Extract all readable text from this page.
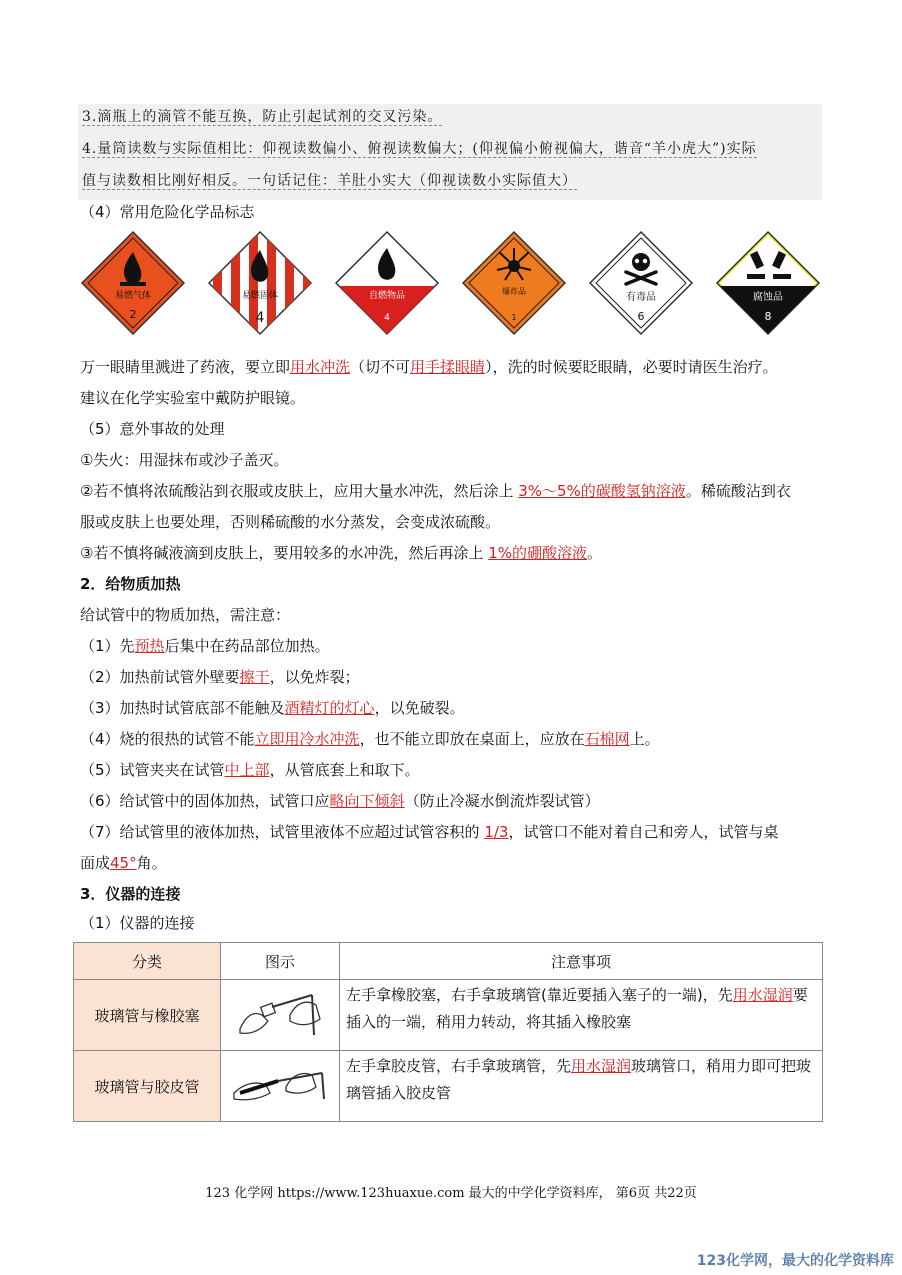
3.滴瓶上的滴管不能互换，防止引起试剂的交叉污染。
4.量筒读数与实际值相比：仰视读数偏小、俯视读数偏大；(仰视偏小俯视偏大，谐音“羊小虎大”)实际
值与读数相比刚好相反。一句话记住：羊肚小实大（仰视读数小实际值大）
（4）常用危险化学品标志
易燃气体
2
易燃固体
4
自燃物品
4
爆炸品
1
有毒品
6
腐蚀品
8
万一眼睛里溅进了药液，要立即用水冲洗（切不可用手揉眼睛），洗的时候要眨眼睛，必要时请医生治疗。
建议在化学实验室中戴防护眼镜。
（5）意外事故的处理
①失火：用湿抹布或沙子盖灭。
②若不慎将浓硫酸沾到衣服或皮肤上，应用大量水冲洗，然后涂上 3%～5%的碳酸氢钠溶液。稀硫酸沾到衣
服或皮肤上也要处理，否则稀硫酸的水分蒸发，会变成浓硫酸。
③若不慎将碱液滴到皮肤上，要用较多的水冲洗，然后再涂上 1%的硼酸溶液。
2．给物质加热
给试管中的物质加热，需注意：
（1）先预热后集中在药品部位加热。
（2）加热前试管外壁要擦干，以免炸裂；
（3）加热时试管底部不能触及酒精灯的灯心，以免破裂。
（4）烧的很热的试管不能立即用冷水冲洗，也不能立即放在桌面上，应放在石棉网上。
（5）试管夹夹在试管中上部，从管底套上和取下。
（6）给试管中的固体加热，试管口应略向下倾斜（防止冷凝水倒流炸裂试管）
（7）给试管里的液体加热，试管里液体不应超过试管容积的 1/3，试管口不能对着自己和旁人，试管与桌
面成45°角。
3．仪器的连接
（1）仪器的连接
分类	图示	注意事项
玻璃管与橡胶塞		左手拿橡胶塞，右手拿玻璃管(靠近要插入塞子的一端)，先用水湿润要插入的一端，稍用力转动，将其插入橡胶塞
玻璃管与胶皮管		左手拿胶皮管，右手拿玻璃管，先用水湿润玻璃管口，稍用力即可把玻璃管插入胶皮管
123 化学网 https://www.123huaxue.com 最大的中学化学资料库， 第6页 共22页
123化学网，最大的化学资料库
